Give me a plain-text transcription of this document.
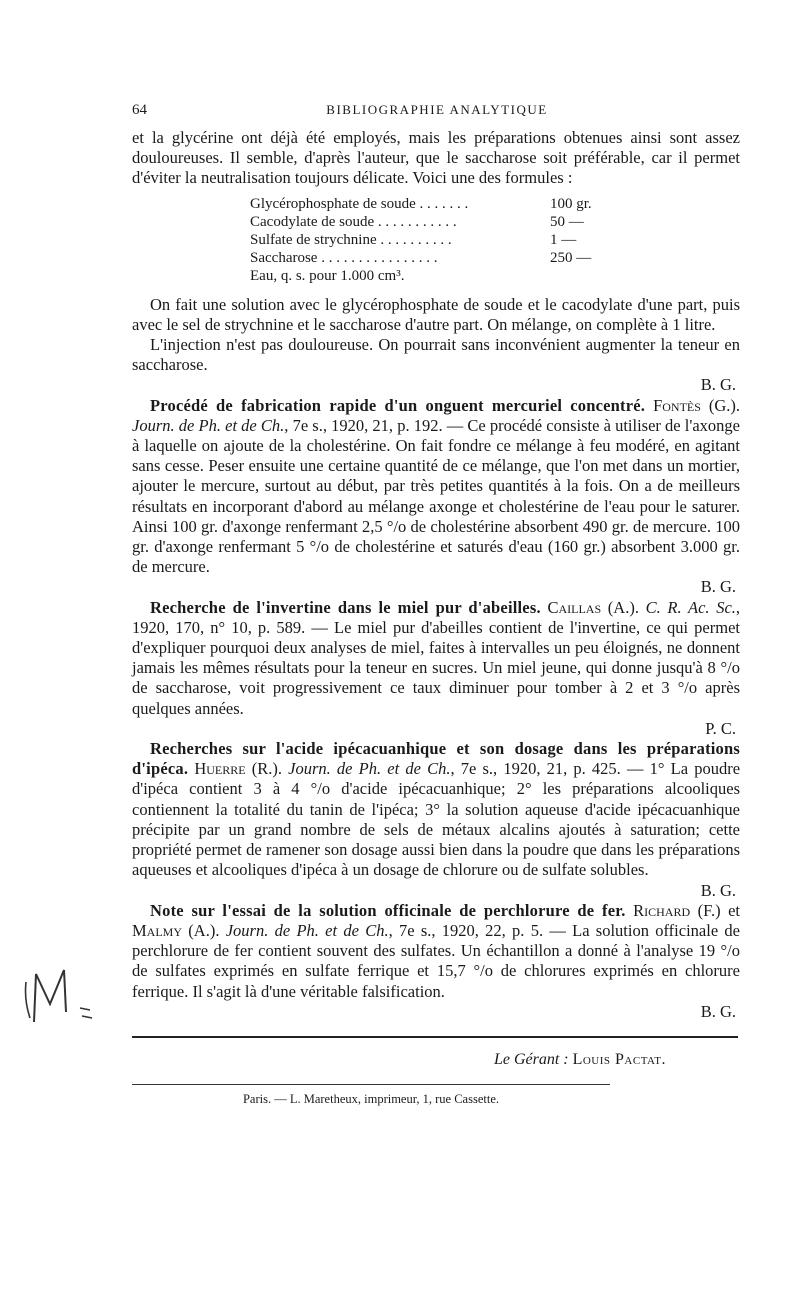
64	BIBLIOGRAPHIE ANALYTIQUE

et la glycérine ont déjà été employés, mais les préparations obtenues ainsi sont assez douloureuses. Il semble, d'après l'auteur, que le saccharose soit préférable, car il permet d'éviter la neutralisation toujours délicate. Voici une des formules :

Glycérophosphate de soude . . . . . . .	100 gr.
Cacodylate de soude . . . . . . . . . . .	50 —
Sulfate de strychnine . . . . . . . . . .	1 —
Saccharose . . . . . . . . . . . . . . . .	250 —
Eau, q. s. pour 1.000 cm³.

On fait une solution avec le glycérophosphate de soude et le cacodylate d'une part, puis avec le sel de strychnine et le saccharose d'autre part. On mélange, on complète à 1 litre.

L'injection n'est pas douloureuse. On pourrait sans inconvénient augmenter la teneur en saccharose.

B. G.

Procédé de fabrication rapide d'un onguent mercuriel concentré. Fontès (G.). Journ. de Ph. et de Ch., 7e s., 1920, 21, p. 192. — Ce procédé consiste à utiliser de l'axonge à laquelle on ajoute de la cholestérine. On fait fondre ce mélange à feu modéré, en agitant sans cesse. Peser ensuite une certaine quantité de ce mélange, que l'on met dans un mortier, ajouter le mercure, surtout au début, par très petites quantités à la fois. On a de meilleurs résultats en incorporant d'abord au mélange axonge et cholestérine de l'eau pour le saturer. Ainsi 100 gr. d'axonge renfermant 2,5 °/o de cholestérine absorbent 490 gr. de mercure. 100 gr. d'axonge renfermant 5 °/o de cholestérine et saturés d'eau (160 gr.) absorbent 3.000 gr. de mercure.

B. G.

Recherche de l'invertine dans le miel pur d'abeilles. Caillas (A.). C. R. Ac. Sc., 1920, 170, n° 10, p. 589. — Le miel pur d'abeilles contient de l'invertine, ce qui permet d'expliquer pourquoi deux analyses de miel, faites à intervalles un peu éloignés, ne donnent jamais les mêmes résultats pour la teneur en sucres. Un miel jeune, qui donne jusqu'à 8 °/o de saccharose, voit progressivement ce taux diminuer pour tomber à 2 et 3 °/o après quelques années.

P. C.

Recherches sur l'acide ipécacuanhique et son dosage dans les préparations d'ipéca. Huerre (R.). Journ. de Ph. et de Ch., 7e s., 1920, 21, p. 425. — 1° La poudre d'ipéca contient 3 à 4 °/o d'acide ipécacuanhique; 2° les préparations alcooliques contiennent la totalité du tanin de l'ipéca; 3° la solution aqueuse d'acide ipécacuanhique précipite par un grand nombre de sels de métaux alcalins ajoutés à saturation; cette propriété permet de ramener son dosage aussi bien dans la poudre que dans les préparations aqueuses et alcooliques d'ipéca à un dosage de chlorure ou de sulfate solubles.

B. G.

Note sur l'essai de la solution officinale de perchlorure de fer. Richard (F.) et Malmy (A.). Journ. de Ph. et de Ch., 7e s., 1920, 22, p. 5. — La solution officinale de perchlorure de fer contient souvent des sulfates. Un échantillon a donné à l'analyse 19 °/o de sulfates exprimés en sulfate ferrique et 15,7 °/o de chlorures exprimés en chlorure ferrique. Il s'agit là d'une véritable falsification.

B. G.

Le Gérant : Louis Pactat.
Paris. — L. Maretheux, imprimeur, 1, rue Cassette.
